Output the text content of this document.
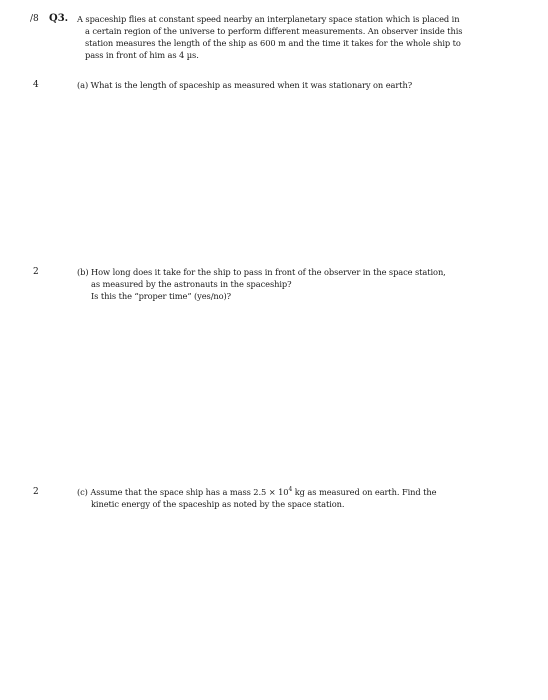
/8 Q3. A spaceship flies at constant speed nearby an interplanetary space station which is placed in
a certain region of the universe to perform different measurements. An observer inside this
station measures the length of the ship as 600 m and the time it takes for the whole ship to
pass in front of him as 4 µs.
4	(a) What is the length of spaceship as measured when it was stationary on earth?
2	(b) How long does it take for the ship to pass in front of the observer in the space station,
as measured by the astronauts in the spaceship?
Is this the “proper time” (yes/no)?
2	(c) Assume that the space ship has a mass $2.5 \times 10^4$ kg as measured on earth. Find the
kinetic energy of the spaceship as noted by the space station.
